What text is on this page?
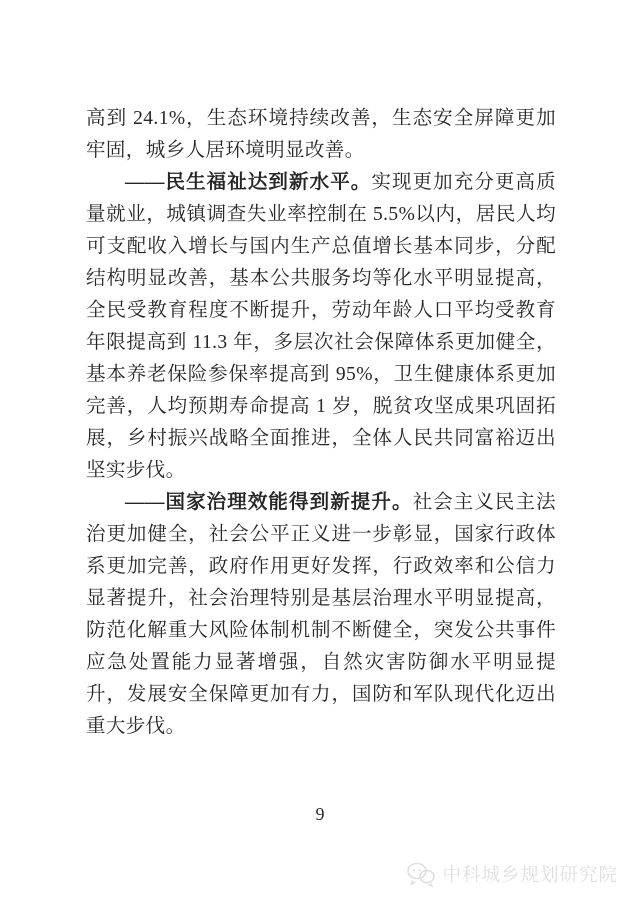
高到 24.1%，生态环境持续改善，生态安全屏障更加牢固，城乡人居环境明显改善。

——民生福祉达到新水平。实现更加充分更高质量就业，城镇调查失业率控制在 5.5%以内，居民人均可支配收入增长与国内生产总值增长基本同步，分配结构明显改善，基本公共服务均等化水平明显提高，全民受教育程度不断提升，劳动年龄人口平均受教育年限提高到 11.3 年，多层次社会保障体系更加健全，基本养老保险参保率提高到 95%，卫生健康体系更加完善，人均预期寿命提高 1 岁，脱贫攻坚成果巩固拓展，乡村振兴战略全面推进，全体人民共同富裕迈出坚实步伐。

——国家治理效能得到新提升。社会主义民主法治更加健全，社会公平正义进一步彰显，国家行政体系更加完善，政府作用更好发挥，行政效率和公信力显著提升，社会治理特别是基层治理水平明显提高，防范化解重大风险体制机制不断健全，突发公共事件应急处置能力显著增强，自然灾害防御水平明显提升，发展安全保障更加有力，国防和军队现代化迈出重大步伐。

9
中科城乡规划研究院
